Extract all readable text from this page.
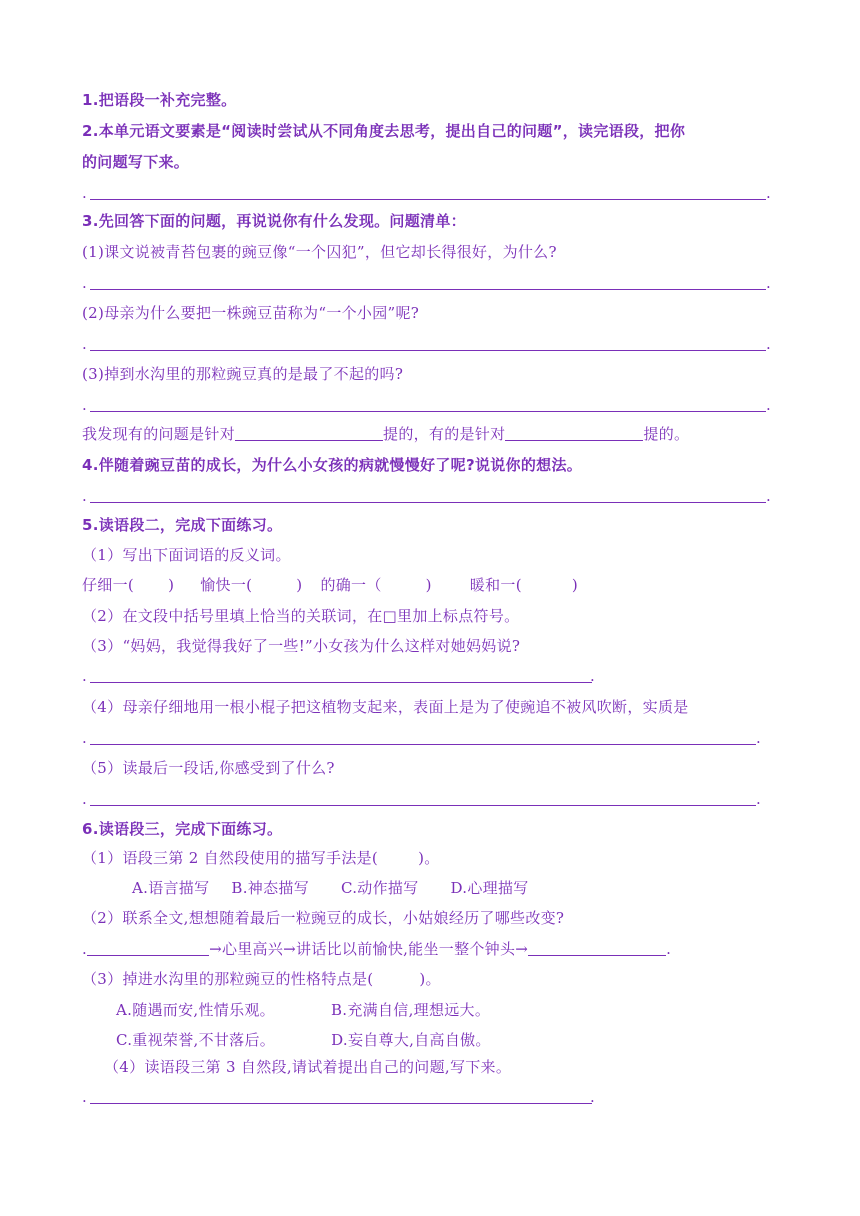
1.把语段一补充完整。
2.本单元语文要素是“阅读时尝试从不同角度去思考，提出自己的问题”，读完语段，把你
的问题写下来。
.	.
3.先回答下面的问题，再说说你有什么发现。问题清单：
(1)课文说被青苔包裹的豌豆像“一个囚犯”，但它却长得很好，为什么?
.	.
(2)母亲为什么要把一株豌豆苗称为“一个小园”呢?
.	.
(3)掉到水沟里的那粒豌豆真的是最了不起的吗?
.	.
我发现有的问题是针对	提的，有的是针对	提的。
4.伴随着豌豆苗的成长，为什么小女孩的病就慢慢好了呢?说说你的想法。
.	.
5.读语段二，完成下面练习。
（1）写出下面词语的反义词。
仔细一( ) 愉快一(	) 的确一（	)	暖和一(	)
（2）在文段中括号里填上恰当的关联词，在□里加上标点符号。
（3）“妈妈，我觉得我好了一些!”小女孩为什么这样对她妈妈说?
.	.
（4）母亲仔细地用一根小棍子把这植物支起来，表面上是为了使豌追不被风吹断，实质是
.	.
（5）读最后一段话,你感受到了什么?
.	.
6.读语段三，完成下面练习。
（1）语段三第 2 自然段使用的描写手法是(	)。
A.语言描写 B.神态描写 C.动作描写 D.心理描写
（2）联系全文,想想随着最后一粒豌豆的成长，小姑娘经历了哪些改变?
.	→心里高兴→讲话比以前愉快,能坐一整个钟头→	.
（3）掉进水沟里的那粒豌豆的性格特点是(	)。
A.随遇而安,性情乐观。	B.充满自信,理想远大。
C.重视荣誉,不甘落后。	D.妄自尊大,自高自傲。
（4）读语段三第 3 自然段,请试着提出自己的问题,写下来。
.	.
